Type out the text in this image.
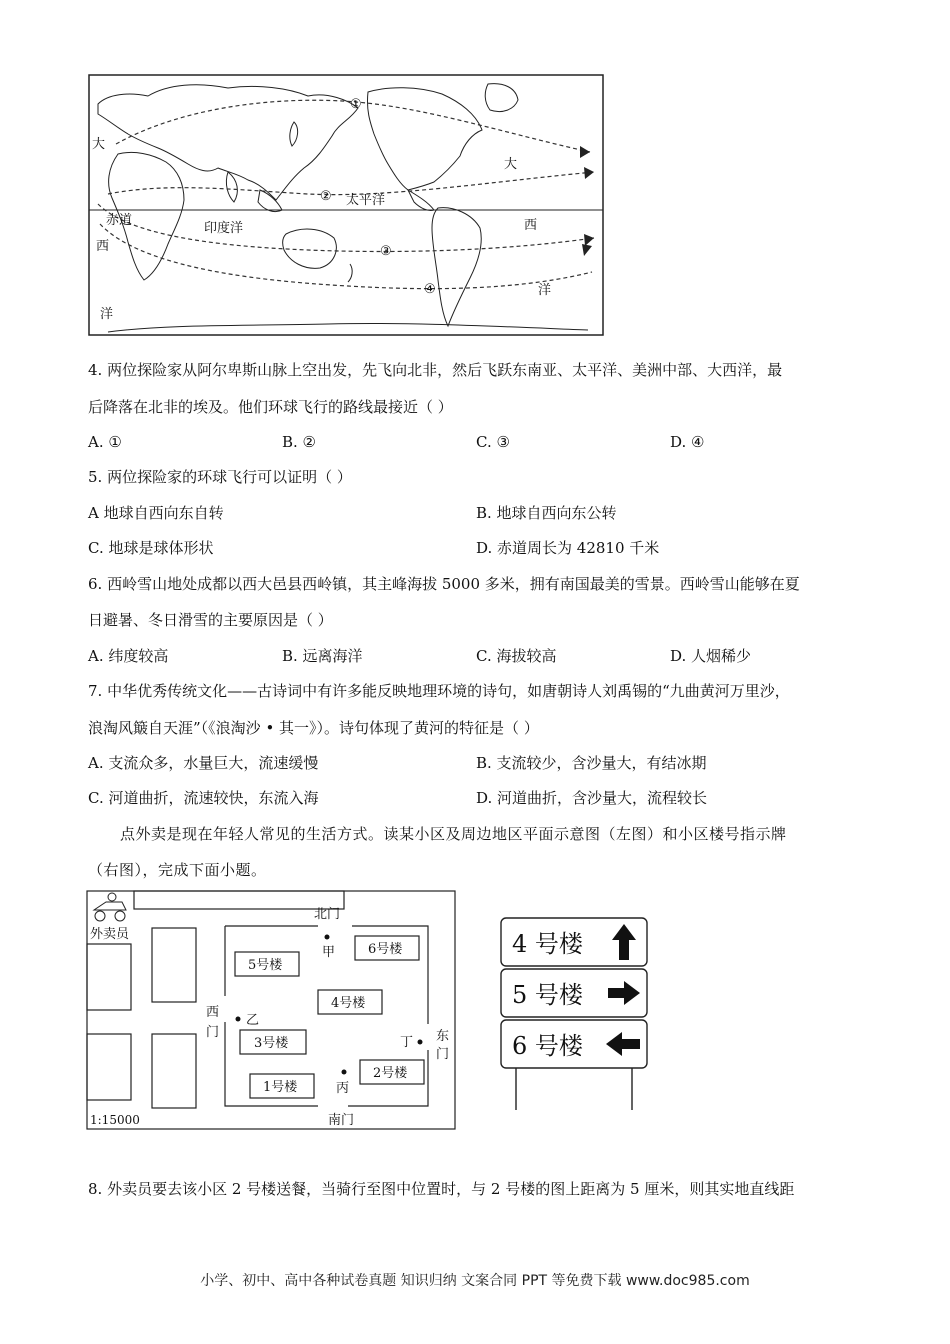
①
②
③
④
太平洋
印度洋
赤道
大
西
洋
大
西
洋
4. 两位探险家从阿尔卑斯山脉上空出发，先飞向北非，然后飞跃东南亚、太平洋、美洲中部、大西洋，最
后降落在北非的埃及。他们环球飞行的路线最接近（ ）
A. ①	B. ②	C. ③	D. ④
5. 两位探险家的环球飞行可以证明（ ）
A 地球自西向东自转	B. 地球自西向东公转
C. 地球是球体形状	D. 赤道周长为 42810 千米
6. 西岭雪山地处成都以西大邑县西岭镇，其主峰海拔 5000 多米，拥有南国最美的雪景。西岭雪山能够在夏
日避暑、冬日滑雪的主要原因是（ ）
A. 纬度较高	B. 远离海洋	C. 海拔较高	D. 人烟稀少
7. 中华优秀传统文化——古诗词中有许多能反映地理环境的诗句，如唐朝诗人刘禹锡的“九曲黄河万里沙，
浪淘风簸自天涯”（《浪淘沙 • 其一》）。诗句体现了黄河的特征是（ ）
A. 支流众多，水量巨大，流速缓慢	B. 支流较少，含沙量大，有结冰期
C. 河道曲折，流速较快，东流入海	D. 河道曲折，含沙量大，流程较长
点外卖是现在年轻人常见的生活方式。读某小区及周边地区平面示意图（左图）和小区楼号指示牌
（右图），完成下面小题。
外卖员
北门
南门
西
门	东
门
甲
乙
丁
丙
5号楼
6号楼
4号楼
3号楼
1号楼
2号楼
1:15000
4 号楼
5 号楼
6 号楼
8. 外卖员要去该小区 2 号楼送餐，当骑行至图中位置时，与 2 号楼的图上距离为 5 厘米，则其实地直线距
小学、初中、高中各种试卷真题 知识归纳 文案合同 PPT 等免费下载 www.doc985.com
